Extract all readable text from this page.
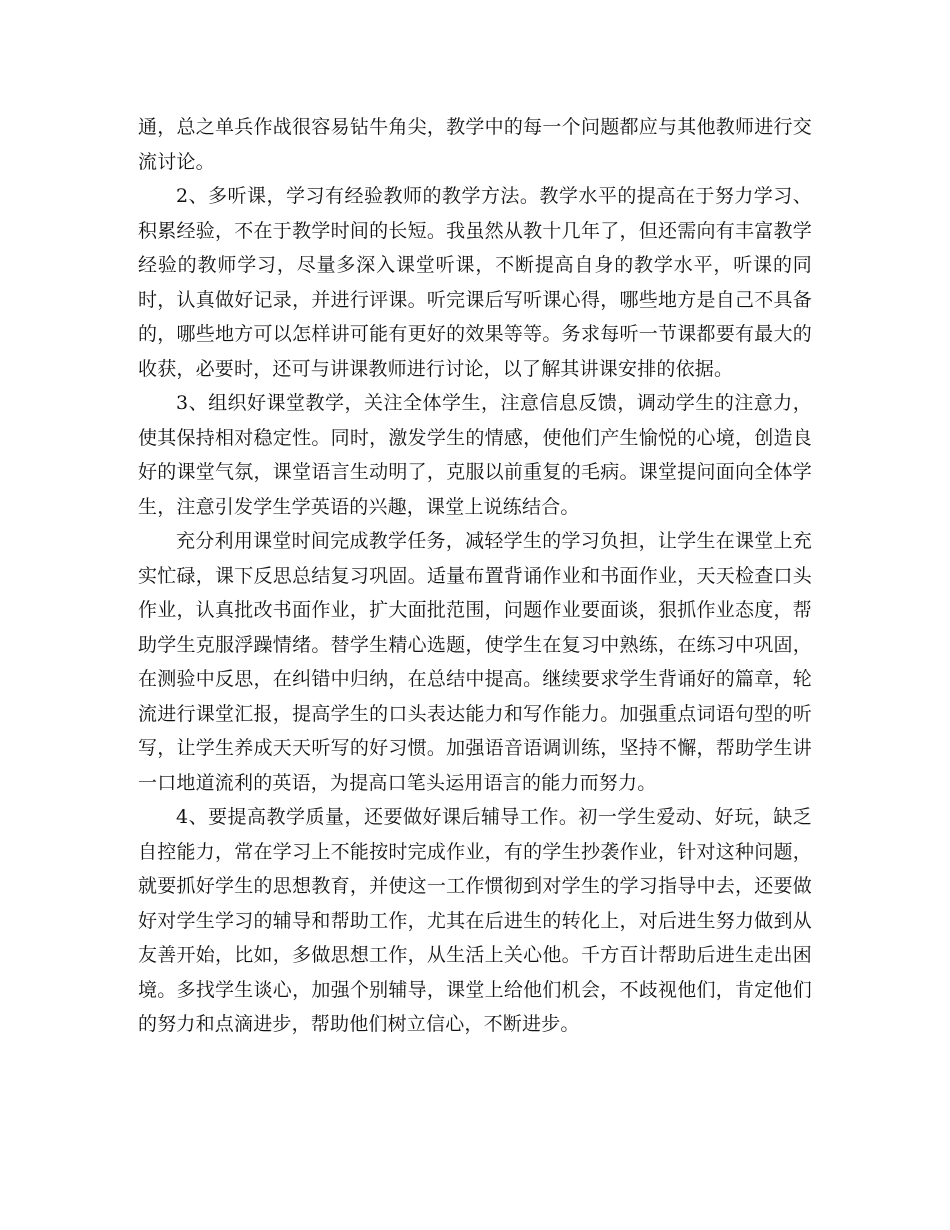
通，总之单兵作战很容易钻牛角尖，教学中的每一个问题都应与其他教师进行交流讨论。

2、多听课，学习有经验教师的教学方法。教学水平的提高在于努力学习、积累经验，不在于教学时间的长短。我虽然从教十几年了，但还需向有丰富教学经验的教师学习，尽量多深入课堂听课，不断提高自身的教学水平，听课的同时，认真做好记录，并进行评课。听完课后写听课心得，哪些地方是自己不具备的，哪些地方可以怎样讲可能有更好的效果等等。务求每听一节课都要有最大的收获，必要时，还可与讲课教师进行讨论，以了解其讲课安排的依据。

3、组织好课堂教学，关注全体学生，注意信息反馈，调动学生的注意力，使其保持相对稳定性。同时，激发学生的情感，使他们产生愉悦的心境，创造良好的课堂气氛，课堂语言生动明了，克服以前重复的毛病。课堂提问面向全体学生，注意引发学生学英语的兴趣，课堂上说练结合。

充分利用课堂时间完成教学任务，减轻学生的学习负担，让学生在课堂上充实忙碌，课下反思总结复习巩固。适量布置背诵作业和书面作业，天天检查口头作业，认真批改书面作业，扩大面批范围，问题作业要面谈，狠抓作业态度，帮助学生克服浮躁情绪。替学生精心选题，使学生在复习中熟练，在练习中巩固，在测验中反思，在纠错中归纳，在总结中提高。继续要求学生背诵好的篇章，轮流进行课堂汇报，提高学生的口头表达能力和写作能力。加强重点词语句型的听写，让学生养成天天听写的好习惯。加强语音语调训练，坚持不懈，帮助学生讲一口地道流利的英语，为提高口笔头运用语言的能力而努力。

4、要提高教学质量，还要做好课后辅导工作。初一学生爱动、好玩，缺乏自控能力，常在学习上不能按时完成作业，有的学生抄袭作业，针对这种问题，就要抓好学生的思想教育，并使这一工作惯彻到对学生的学习指导中去，还要做好对学生学习的辅导和帮助工作，尤其在后进生的转化上，对后进生努力做到从友善开始，比如，多做思想工作，从生活上关心他。千方百计帮助后进生走出困境。多找学生谈心，加强个别辅导，课堂上给他们机会，不歧视他们，肯定他们的努力和点滴进步，帮助他们树立信心，不断进步。
